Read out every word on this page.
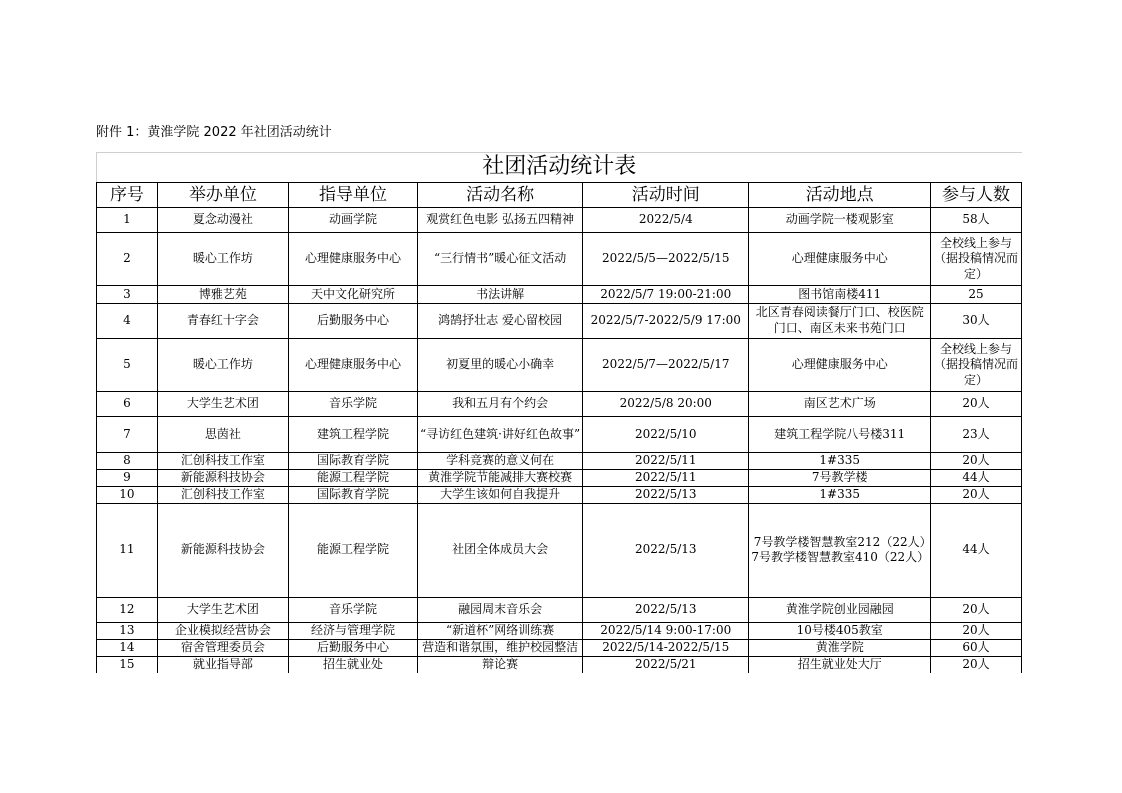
附件 1：黄淮学院 2022 年社团活动统计
社团活动统计表						
序号	举办单位	指导单位	活动名称	活动时间	活动地点	参与人数
1	夏念动漫社	动画学院	观赏红色电影 弘扬五四精神	2022/5/4	动画学院一楼观影室	58人
2	暖心工作坊	心理健康服务中心	“三行情书”暖心征文活动	2022/5/5—2022/5/15	心理健康服务中心	全校线上参与（据投稿情况而定）
3	博雅艺苑	天中文化研究所	书法讲解	2022/5/7 19:00-21:00	图书馆南楼411	25
4	青春红十字会	后勤服务中心	鸿鹄抒壮志 爱心留校园	2022/5/7-2022/5/9 17:00	北区青春阅读餐厅门口、校医院门口、南区未来书苑门口	30人
5	暖心工作坊	心理健康服务中心	初夏里的暖心小确幸	2022/5/7—2022/5/17	心理健康服务中心	全校线上参与（据投稿情况而定）
6	大学生艺术团	音乐学院	我和五月有个约会	2022/5/8 20:00	南区艺术广场	20人
7	思茵社	建筑工程学院	“寻访红色建筑·讲好红色故事”	2022/5/10	建筑工程学院八号楼311	23人
8	汇创科技工作室	国际教育学院	学科竞赛的意义何在	2022/5/11	1#335	20人
9	新能源科技协会	能源工程学院	黄淮学院节能减排大赛校赛	2022/5/11	7号教学楼	44人
10	汇创科技工作室	国际教育学院	大学生该如何自我提升	2022/5/13	1#335	20人
11	新能源科技协会	能源工程学院	社团全体成员大会	2022/5/13	7号教学楼智慧教室212（22人）7号教学楼智慧教室410（22人）	44人
12	大学生艺术团	音乐学院	融园周末音乐会	2022/5/13	黄淮学院创业园融园	20人
13	企业模拟经营协会	经济与管理学院	“新道杯”网络训练赛	2022/5/14 9:00-17:00	10号楼405教室	20人
14	宿舍管理委员会	后勤服务中心	营造和谐氛围，维护校园整洁	2022/5/14-2022/5/15	黄淮学院	60人
15	就业指导部	招生就业处	辩论赛	2022/5/21	招生就业处大厅	20人
